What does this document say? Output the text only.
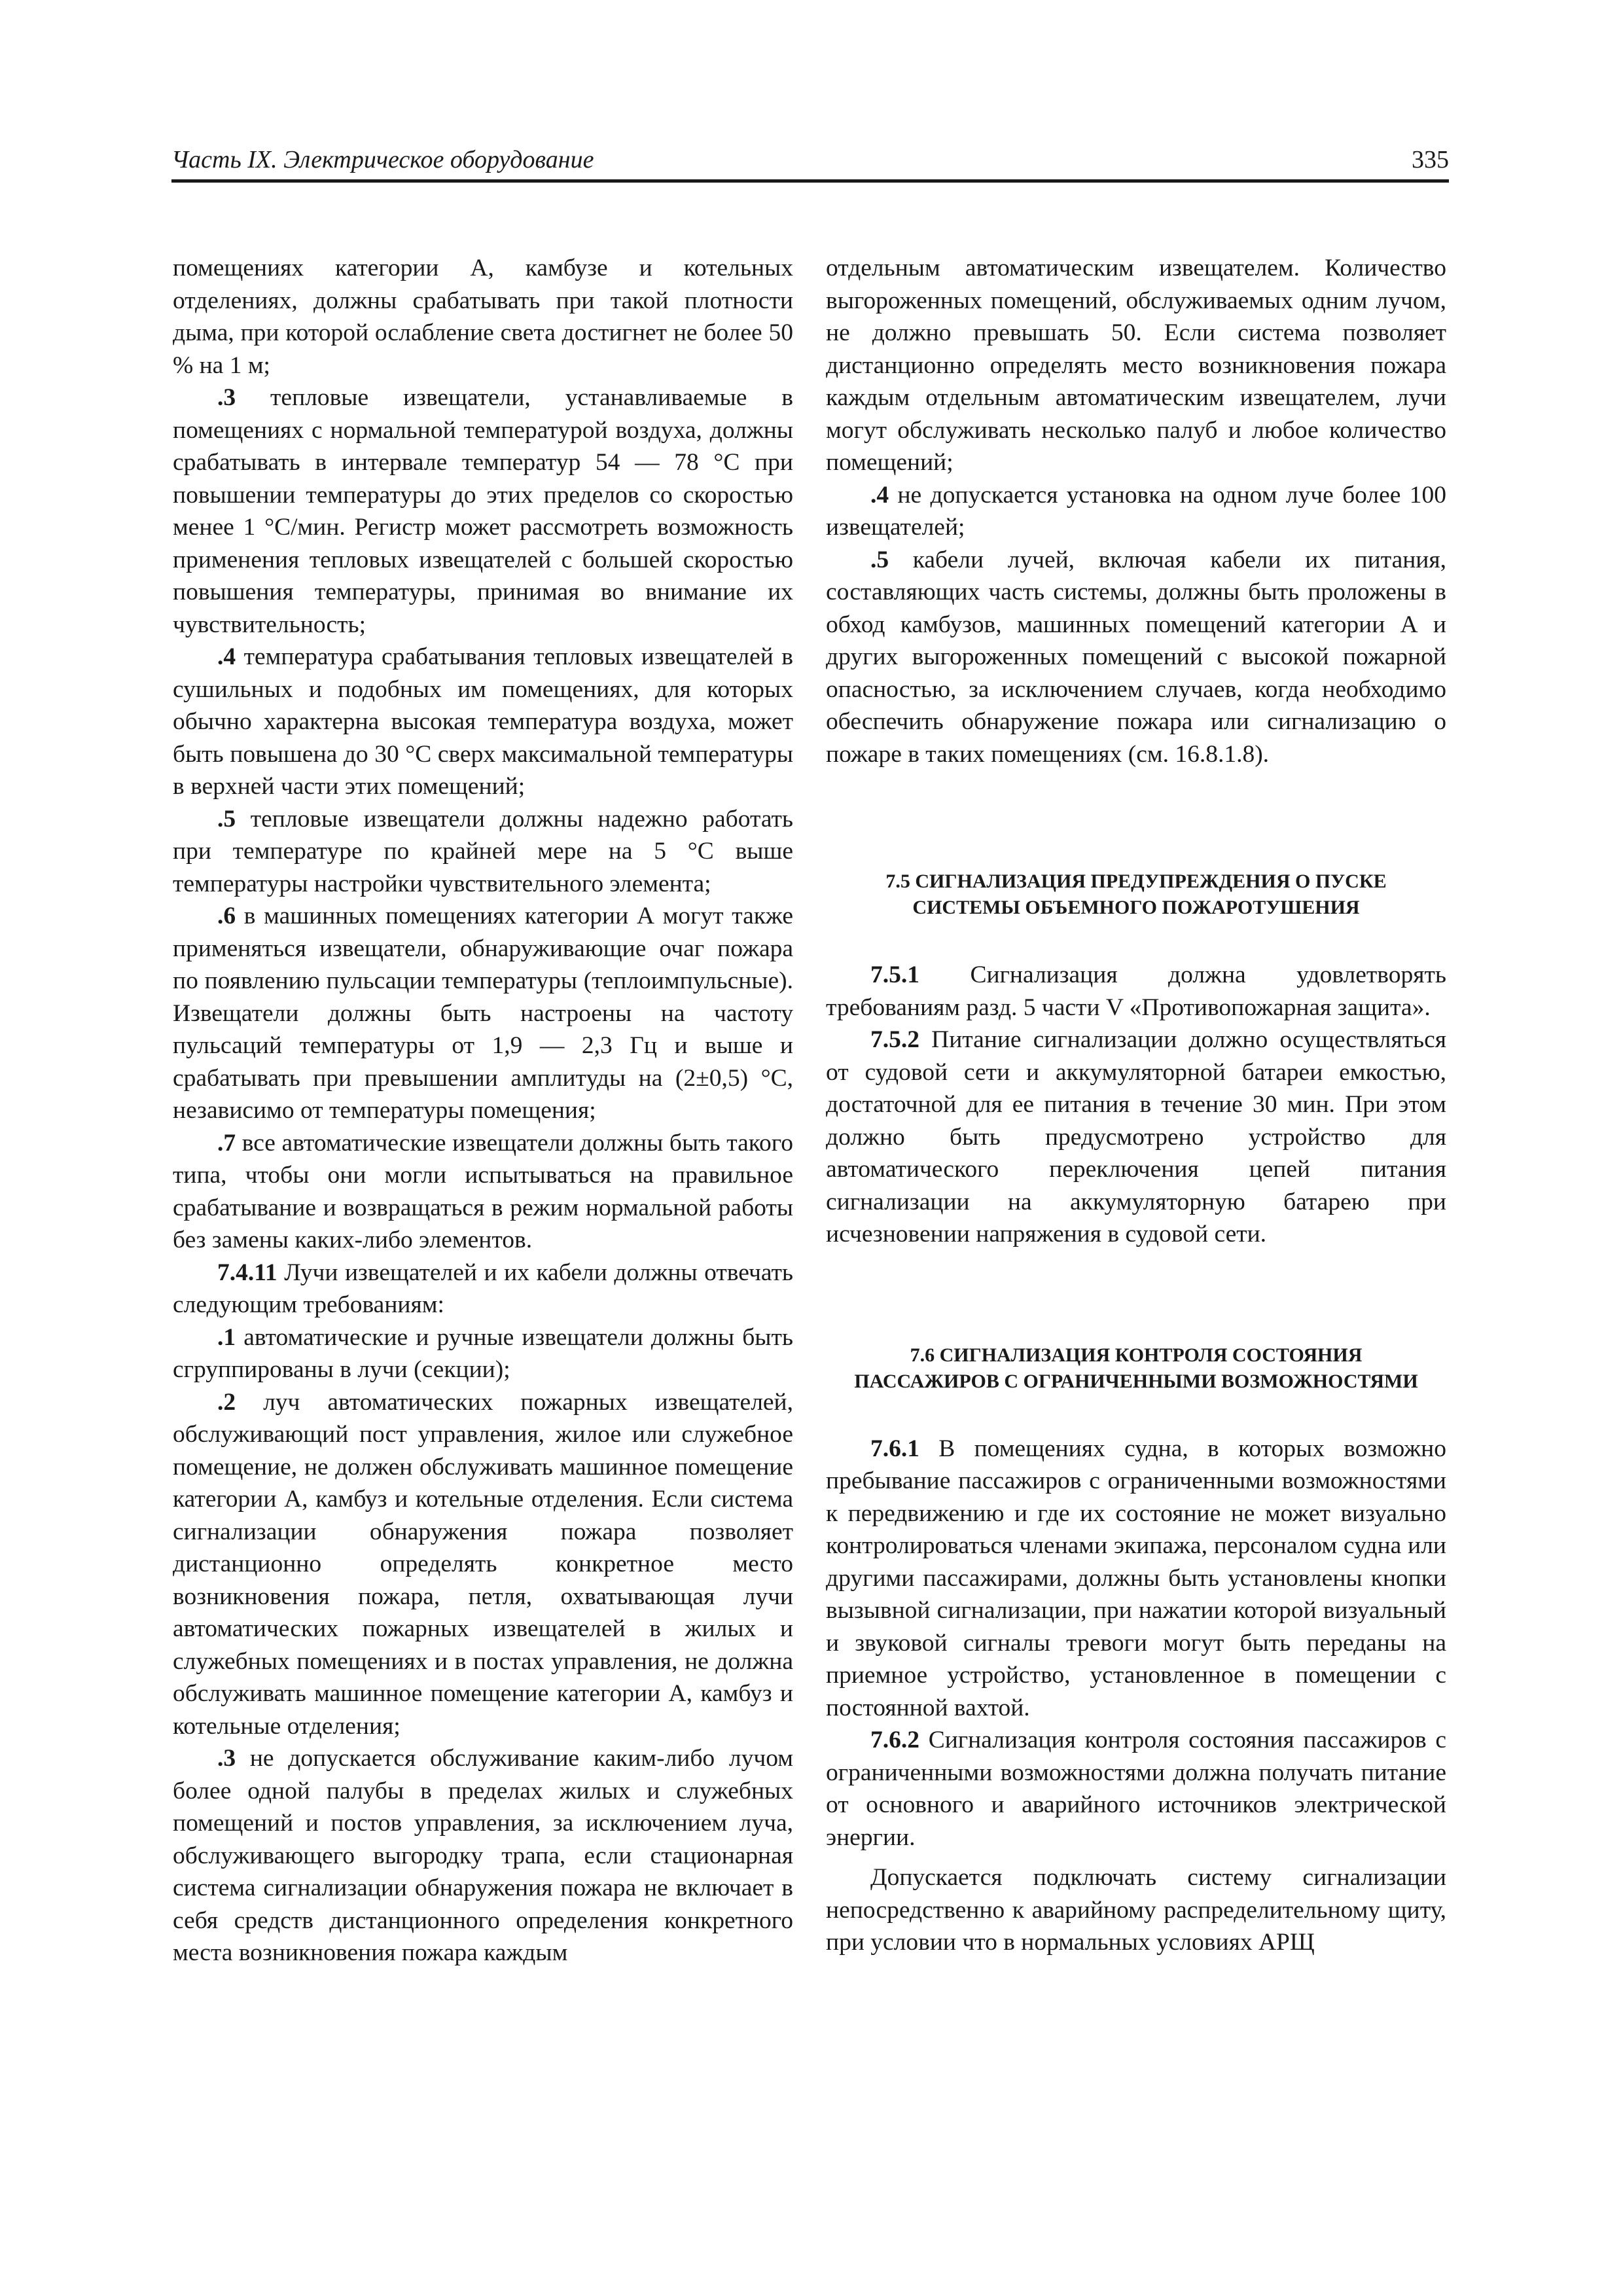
Часть IX. Электрическое оборудование	335

помещениях категории А, камбузе и котельных отделениях, должны срабатывать при такой плотности дыма, при которой ослабление света достигнет не более 50 % на 1 м;

.3 тепловые извещатели, устанавливаемые в помещениях с нормальной температурой воздуха, должны срабатывать в интервале температур 54 — 78 °С при повышении температуры до этих пределов со скоростью менее 1 °С/мин. Регистр может рассмотреть возможность применения тепловых извещателей с большей скоростью повышения температуры, принимая во внимание их чувствительность;

.4 температура срабатывания тепловых извещателей в сушильных и подобных им помещениях, для которых обычно характерна высокая температура воздуха, может быть повышена до 30 °С сверх максимальной температуры в верхней части этих помещений;

.5 тепловые извещатели должны надежно работать при температуре по крайней мере на 5 °С выше температуры настройки чувствительного элемента;

.6 в машинных помещениях категории А могут также применяться извещатели, обнаруживающие очаг пожара по появлению пульсации температуры (теплоимпульсные). Извещатели должны быть настроены на частоту пульсаций температуры от 1,9 — 2,3 Гц и выше и срабатывать при превышении амплитуды на (2±0,5) °С, независимо от температуры помещения;

.7 все автоматические извещатели должны быть такого типа, чтобы они могли испытываться на правильное срабатывание и возвращаться в режим нормальной работы без замены каких-либо элементов.

7.4.11 Лучи извещателей и их кабели должны отвечать следующим требованиям:

.1 автоматические и ручные извещатели должны быть сгруппированы в лучи (секции);

.2 луч автоматических пожарных извещателей, обслуживающий пост управления, жилое или служебное помещение, не должен обслуживать машинное помещение категории А, камбуз и котельные отделения. Если система сигнализации обнаружения пожара позволяет дистанционно определять конкретное место возникновения пожара, петля, охватывающая лучи автоматических пожарных извещателей в жилых и служебных помещениях и в постах управления, не должна обслуживать машинное помещение категории А, камбуз и котельные отделения;

.3 не допускается обслуживание каким-либо лучом более одной палубы в пределах жилых и служебных помещений и постов управления, за исключением луча, обслуживающего выгородку трапа, если стационарная система сигнализации обнаружения пожара не включает в себя средств дистанционного определения конкретного места возникновения пожара каждым

отдельным автоматическим извещателем. Количество выгороженных помещений, обслуживаемых одним лучом, не должно превышать 50. Если система позволяет дистанционно определять место возникновения пожара каждым отдельным автоматическим извещателем, лучи могут обслуживать несколько палуб и любое количество помещений;

.4 не допускается установка на одном луче более 100 извещателей;

.5 кабели лучей, включая кабели их питания, составляющих часть системы, должны быть проложены в обход камбузов, машинных помещений категории А и других выгороженных помещений с высокой пожарной опасностью, за исключением случаев, когда необходимо обеспечить обнаружение пожара или сигнализацию о пожаре в таких помещениях (см. 16.8.1.8).

7.5 СИГНАЛИЗАЦИЯ ПРЕДУПРЕЖДЕНИЯ О ПУСКЕ
СИСТЕМЫ ОБЪЕМНОГО ПОЖАРОТУШЕНИЯ

7.5.1 Сигнализация должна удовлетворять требованиям разд. 5 части V «Противопожарная защита».

7.5.2 Питание сигнализации должно осуществляться от судовой сети и аккумуляторной батареи емкостью, достаточной для ее питания в течение 30 мин. При этом должно быть предусмотрено устройство для автоматического переключения цепей питания сигнализации на аккумуляторную батарею при исчезновении напряжения в судовой сети.

7.6 СИГНАЛИЗАЦИЯ КОНТРОЛЯ СОСТОЯНИЯ
ПАССАЖИРОВ С ОГРАНИЧЕННЫМИ ВОЗМОЖНОСТЯМИ

7.6.1 В помещениях судна, в которых возможно пребывание пассажиров с ограниченными возможностями к передвижению и где их состояние не может визуально контролироваться членами экипажа, персоналом судна или другими пассажирами, должны быть установлены кнопки вызывной сигнализации, при нажатии которой визуальный и звуковой сигналы тревоги могут быть переданы на приемное устройство, установленное в помещении с постоянной вахтой.

7.6.2 Сигнализация контроля состояния пассажиров с ограниченными возможностями должна получать питание от основного и аварийного источников электрической энергии.

Допускается подключать систему сигнализации непосредственно к аварийному распределительному щиту, при условии что в нормальных условиях АРЩ
